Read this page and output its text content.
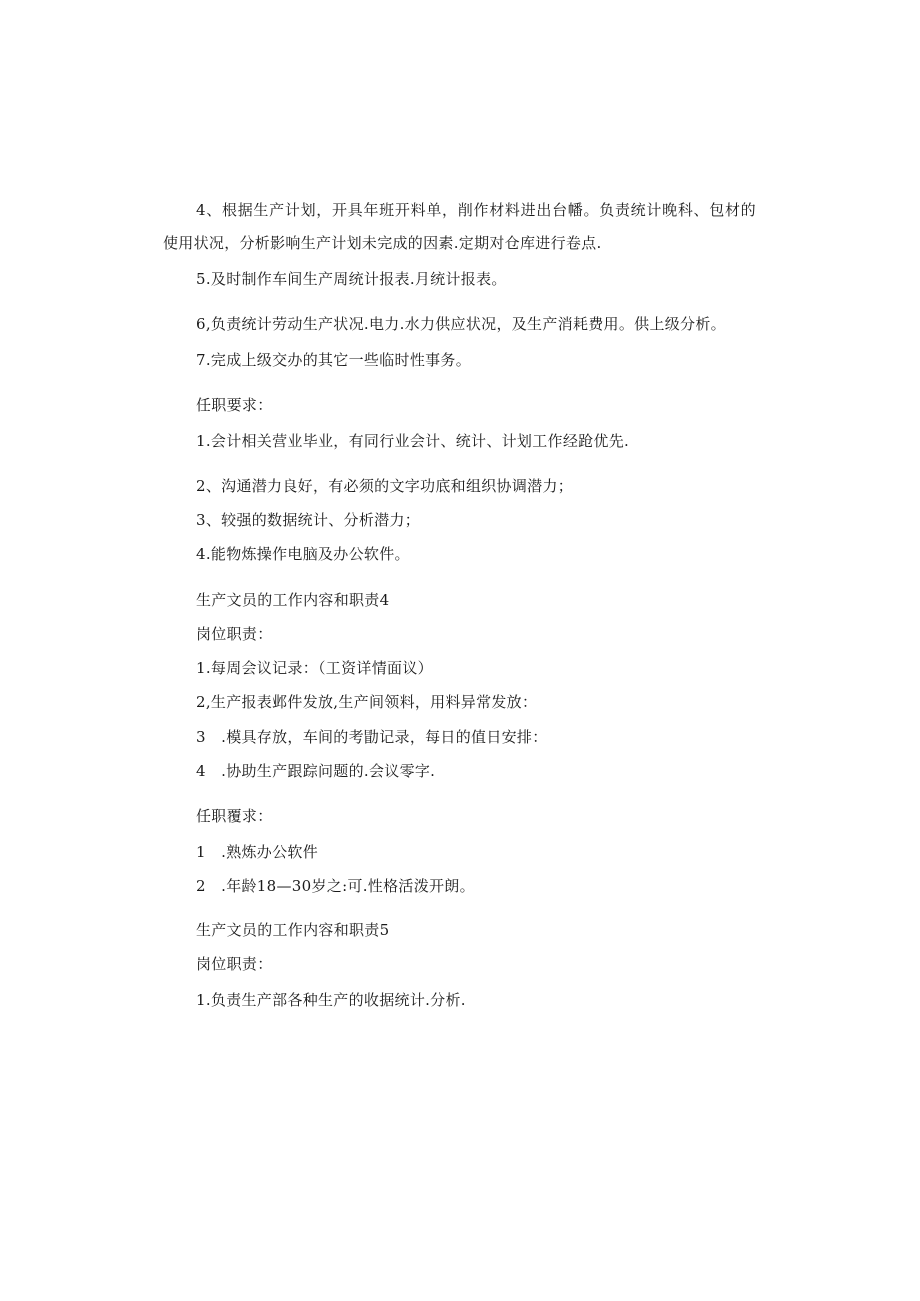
4、根据生产计划，开具年班开料单，削作材料进出台幡。负责统计晚科、包材的
使用状况，分析影响生产计划未完成的因素.定期对仓库进行卷点.
5.及时制作车间生产周统计报表.月统计报表。
6,负责统计劳动生产状况.电力.水力供应状况，及生产消耗费用。供上级分析。
7.完成上级交办的其它一些临时性事务。
任职要求：
1.会计相关营业毕业，有同行业会计、统计、计划工作经跄优先.
2、沟通潜力良好，有必须的文字功底和组织协调潜力；
3、较强的数据统计、分析潜力；
4.能物炼操作电脑及办公软件。
生产文员的工作内容和职责4
岗位职责：
1.每周会议记录：（工资详情面议）
2,生产报表邺件发放,生产间领料，用料异常发放：
3　.模具存放，车间的考勖记录，每日的值日安排：
4　.协助生产跟踪问题的.会议零字.
任职覆求：
1　.熟炼办公软件
2　.年龄18—30岁之:可.性格活泼开朗。
生产文员的工作内容和职责5
岗位职责：
1.负责生产部各种生产的收据统计.分析.
